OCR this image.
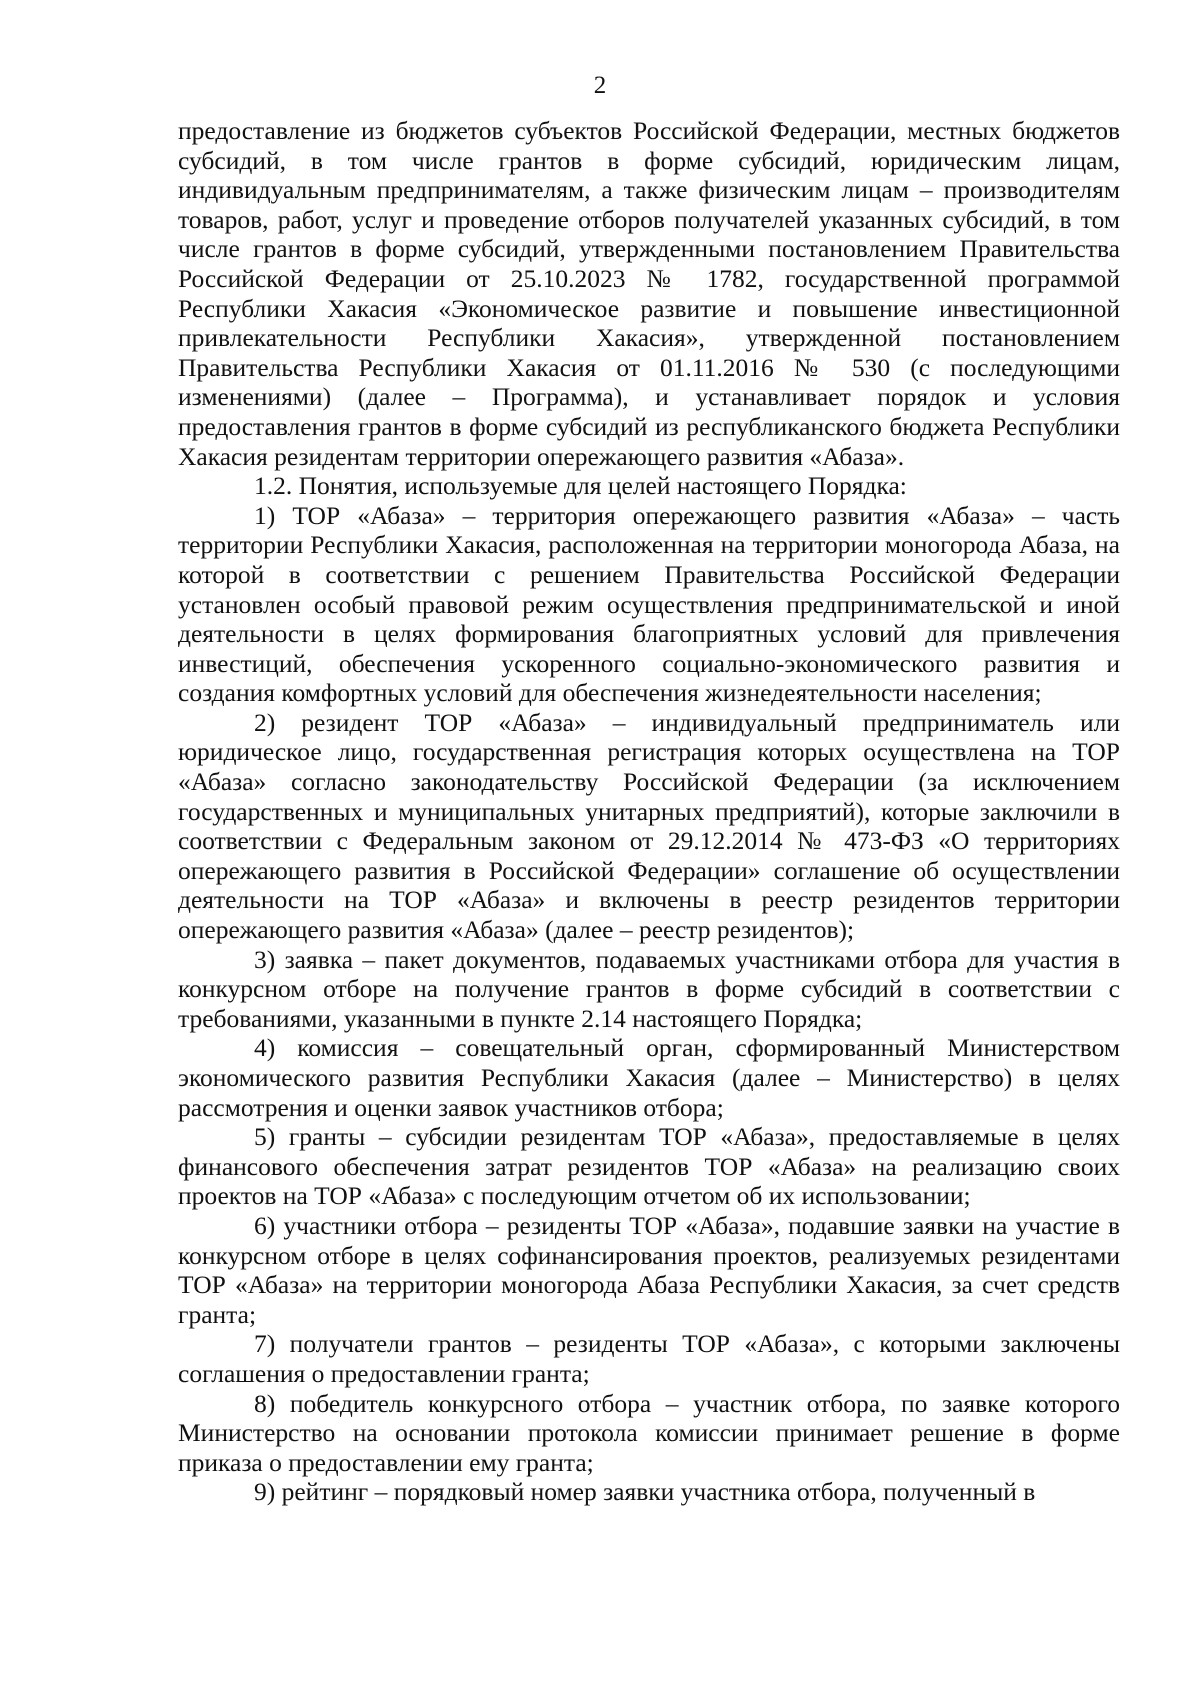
2

предоставление из бюджетов субъектов Российской Федерации, местных бюджетов субсидий, в том числе грантов в форме субсидий, юридическим лицам, индивидуальным предпринимателям, а также физическим лицам – производителям товаров, работ, услуг и проведение отборов получателей указанных субсидий, в том числе грантов в форме субсидий, утвержденными постановлением Правительства Российской Федерации от 25.10.2023 № 1782, государственной программой Республики Хакасия «Экономическое развитие и повышение инвестиционной привлекательности Республики Хакасия», утвержденной постановлением Правительства Республики Хакасия от 01.11.2016 № 530 (с последующими изменениями) (далее – Программа), и устанавливает порядок и условия предоставления грантов в форме субсидий из республиканского бюджета Республики Хакасия резидентам территории опережающего развития «Абаза».

1.2. Понятия, используемые для целей настоящего Порядка:

1) ТОР «Абаза» – территория опережающего развития «Абаза» – часть территории Республики Хакасия, расположенная на территории моногорода Абаза, на которой в соответствии с решением Правительства Российской Федерации установлен особый правовой режим осуществления предпринимательской и иной деятельности в целях формирования благоприятных условий для привлечения инвестиций, обеспечения ускоренного социально-экономического развития и создания комфортных условий для обеспечения жизнедеятельности населения;

2) резидент ТОР «Абаза» – индивидуальный предприниматель или юридическое лицо, государственная регистрация которых осуществлена на ТОР «Абаза» согласно законодательству Российской Федерации (за исключением государственных и муниципальных унитарных предприятий), которые заключили в соответствии с Федеральным законом от 29.12.2014 № 473-ФЗ «О территориях опережающего развития в Российской Федерации» соглашение об осуществлении деятельности на ТОР «Абаза» и включены в реестр резидентов территории опережающего развития «Абаза» (далее – реестр резидентов);

3) заявка – пакет документов, подаваемых участниками отбора для участия в конкурсном отборе на получение грантов в форме субсидий в соответствии с требованиями, указанными в пункте 2.14 настоящего Порядка;

4) комиссия – совещательный орган, сформированный Министерством экономического развития Республики Хакасия (далее – Министерство) в целях рассмотрения и оценки заявок участников отбора;

5) гранты – субсидии резидентам ТОР «Абаза», предоставляемые в целях финансового обеспечения затрат резидентов ТОР «Абаза» на реализацию своих проектов на ТОР «Абаза» с последующим отчетом об их использовании;

6) участники отбора – резиденты ТОР «Абаза», подавшие заявки на участие в конкурсном отборе в целях софинансирования проектов, реализуемых резидентами ТОР «Абаза» на территории моногорода Абаза Республики Хакасия, за счет средств гранта;

7) получатели грантов – резиденты ТОР «Абаза», с которыми заключены соглашения о предоставлении гранта;

8) победитель конкурсного отбора – участник отбора, по заявке которого Министерство на основании протокола комиссии принимает решение в форме приказа о предоставлении ему гранта;

9) рейтинг – порядковый номер заявки участника отбора, полученный в
